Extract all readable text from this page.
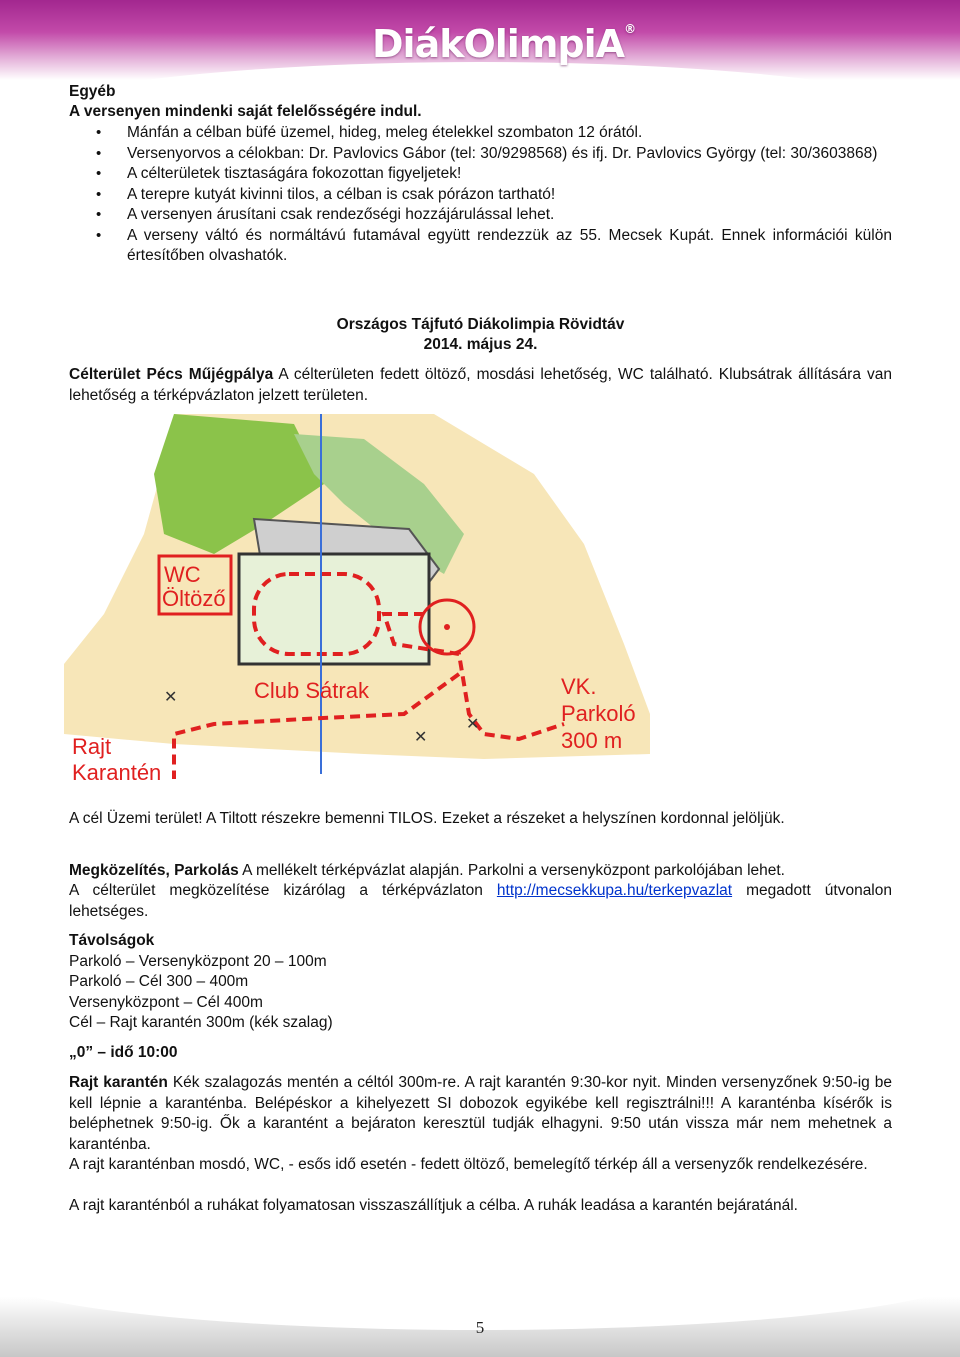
DiákOlimpiA®
Egyéb
A versenyen mindenki saját felelősségére indul.
• Mánfán a célban büfé üzemel, hideg, meleg ételekkel szombaton 12 órától.
• Versenyorvos a célokban: Dr. Pavlovics Gábor (tel: 30/9298568) és ifj. Dr. Pavlovics György (tel: 30/3603868)
• A célterületek tisztaságára fokozottan figyeljetek!
• A terepre kutyát kivinni tilos, a célban is csak pórázon tartható!
• A versenyen árusítani csak rendezőségi hozzájárulással lehet.
• A verseny váltó és normáltávú futamával együtt rendezzük az 55. Mecsek Kupát. Ennek információi külön értesítőben olvashatók.
Országos Tájfutó Diákolimpia Rövidtáv
2014. május 24.
Célterület Pécs Műjégpálya A célterületen fedett öltöző, mosdási lehetőség, WC található. Klubsátrak állítására van lehetőség a térképvázlaton jelzett területen.
WC
Öltöző
✕
✕
✕
Club Sátrak	VK.
Parkoló
300 m
Rajt
Karantén
A cél Üzemi terület! A Tiltott részekre bemenni TILOS. Ezeket a részeket a helyszínen kordonnal jelöljük.
Megközelítés, Parkolás A mellékelt térképvázlat alapján. Parkolni a versenyközpont parkolójában lehet.
A célterület megközelítése kizárólag a térképvázlaton http://mecsekkupa.hu/terkepvazlat megadott útvonalon lehetséges.
Távolságok
Parkoló – Versenyközpont 20 – 100m
Parkoló – Cél 300 – 400m
Versenyközpont – Cél 400m
Cél – Rajt karantén 300m (kék szalag)
„0” – idő 10:00
Rajt karantén Kék szalagozás mentén a céltól 300m-re. A rajt karantén 9:30-kor nyit. Minden versenyzőnek 9:50-ig be kell lépnie a karanténba. Belépéskor a kihelyezett SI dobozok egyikébe kell regisztrálni!!! A karanténba kísérők is beléphetnek 9:50-ig. Ők a karantént a bejáraton keresztül tudják elhagyni. 9:50 után vissza már nem mehetnek a karanténba.
A rajt karanténban mosdó, WC, - esős idő esetén - fedett öltöző, bemelegítő térkép áll a versenyzők rendelkezésére.
A rajt karanténból a ruhákat folyamatosan visszaszállítjuk a célba. A ruhák leadása a karantén bejáratánál.
5
